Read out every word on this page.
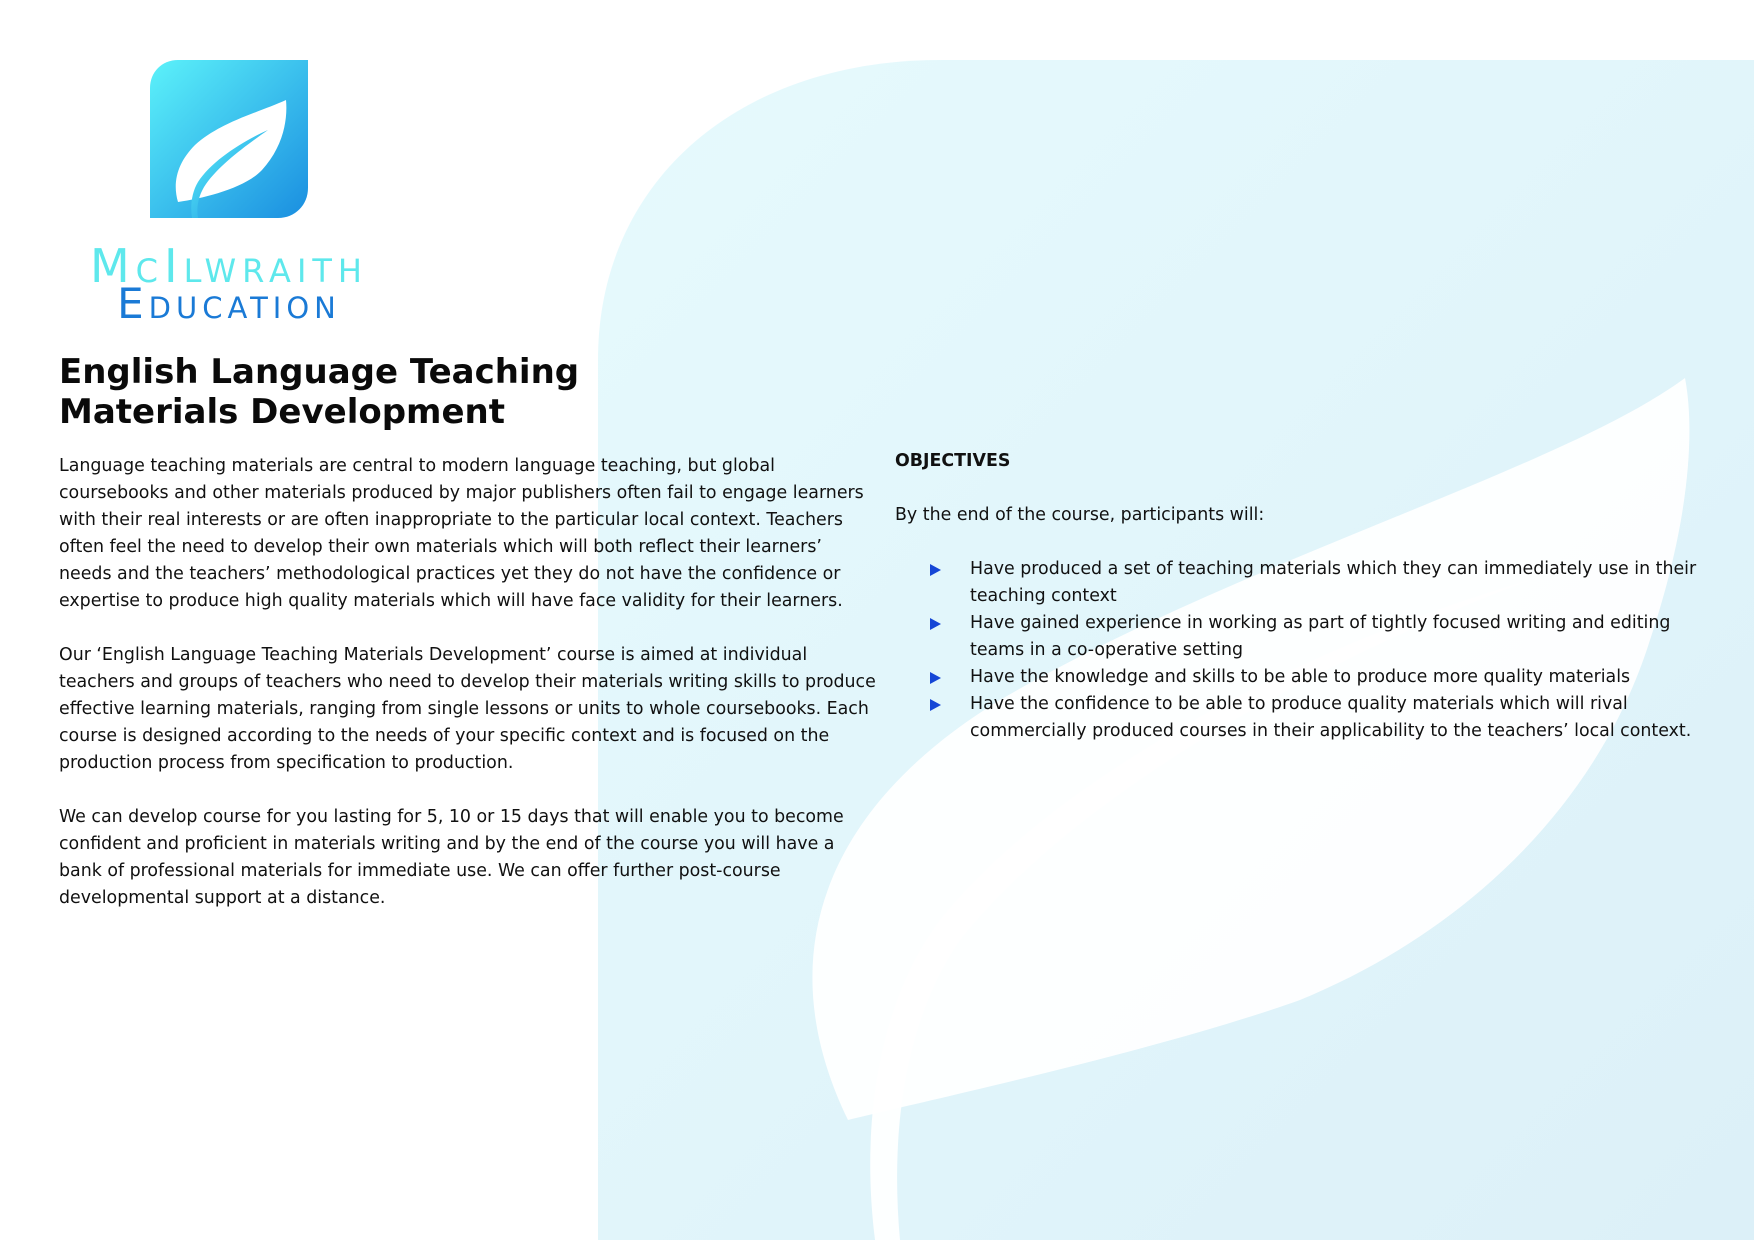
McIlwraith
Education
English Language Teaching
Materials Development

Language teaching materials are central to modern language teaching, but global coursebooks and other materials produced by major publishers often fail to engage learners with their real interests or are often inappropriate to the particular local context. Teachers often feel the need to develop their own materials which will both reflect their learners’ needs and the teachers’ methodological practices yet they do not have the confidence or expertise to produce high quality materials which will have face validity for their learners.

Our ‘English Language Teaching Materials Development’ course is aimed at individual teachers and groups of teachers who need to develop their materials writing skills to produce effective learning materials, ranging from single lessons or units to whole coursebooks. Each course is designed according to the needs of your specific context and is focused on the production process from specification to production.

We can develop course for you lasting for 5, 10 or 15 days that will enable you to become confident and proficient in materials writing and by the end of the course you will have a bank of professional materials for immediate use. We can offer further post-course developmental support at a distance.

OBJECTIVES
By the end of the course, participants will:
Have produced a set of teaching materials which they can immediately use in their teaching context
Have gained experience in working as part of tightly focused writing and editing teams in a co-operative setting
Have the knowledge and skills to be able to produce more quality materials
Have the confidence to be able to produce quality materials which will rival commercially produced courses in their applicability to the teachers’ local context.
